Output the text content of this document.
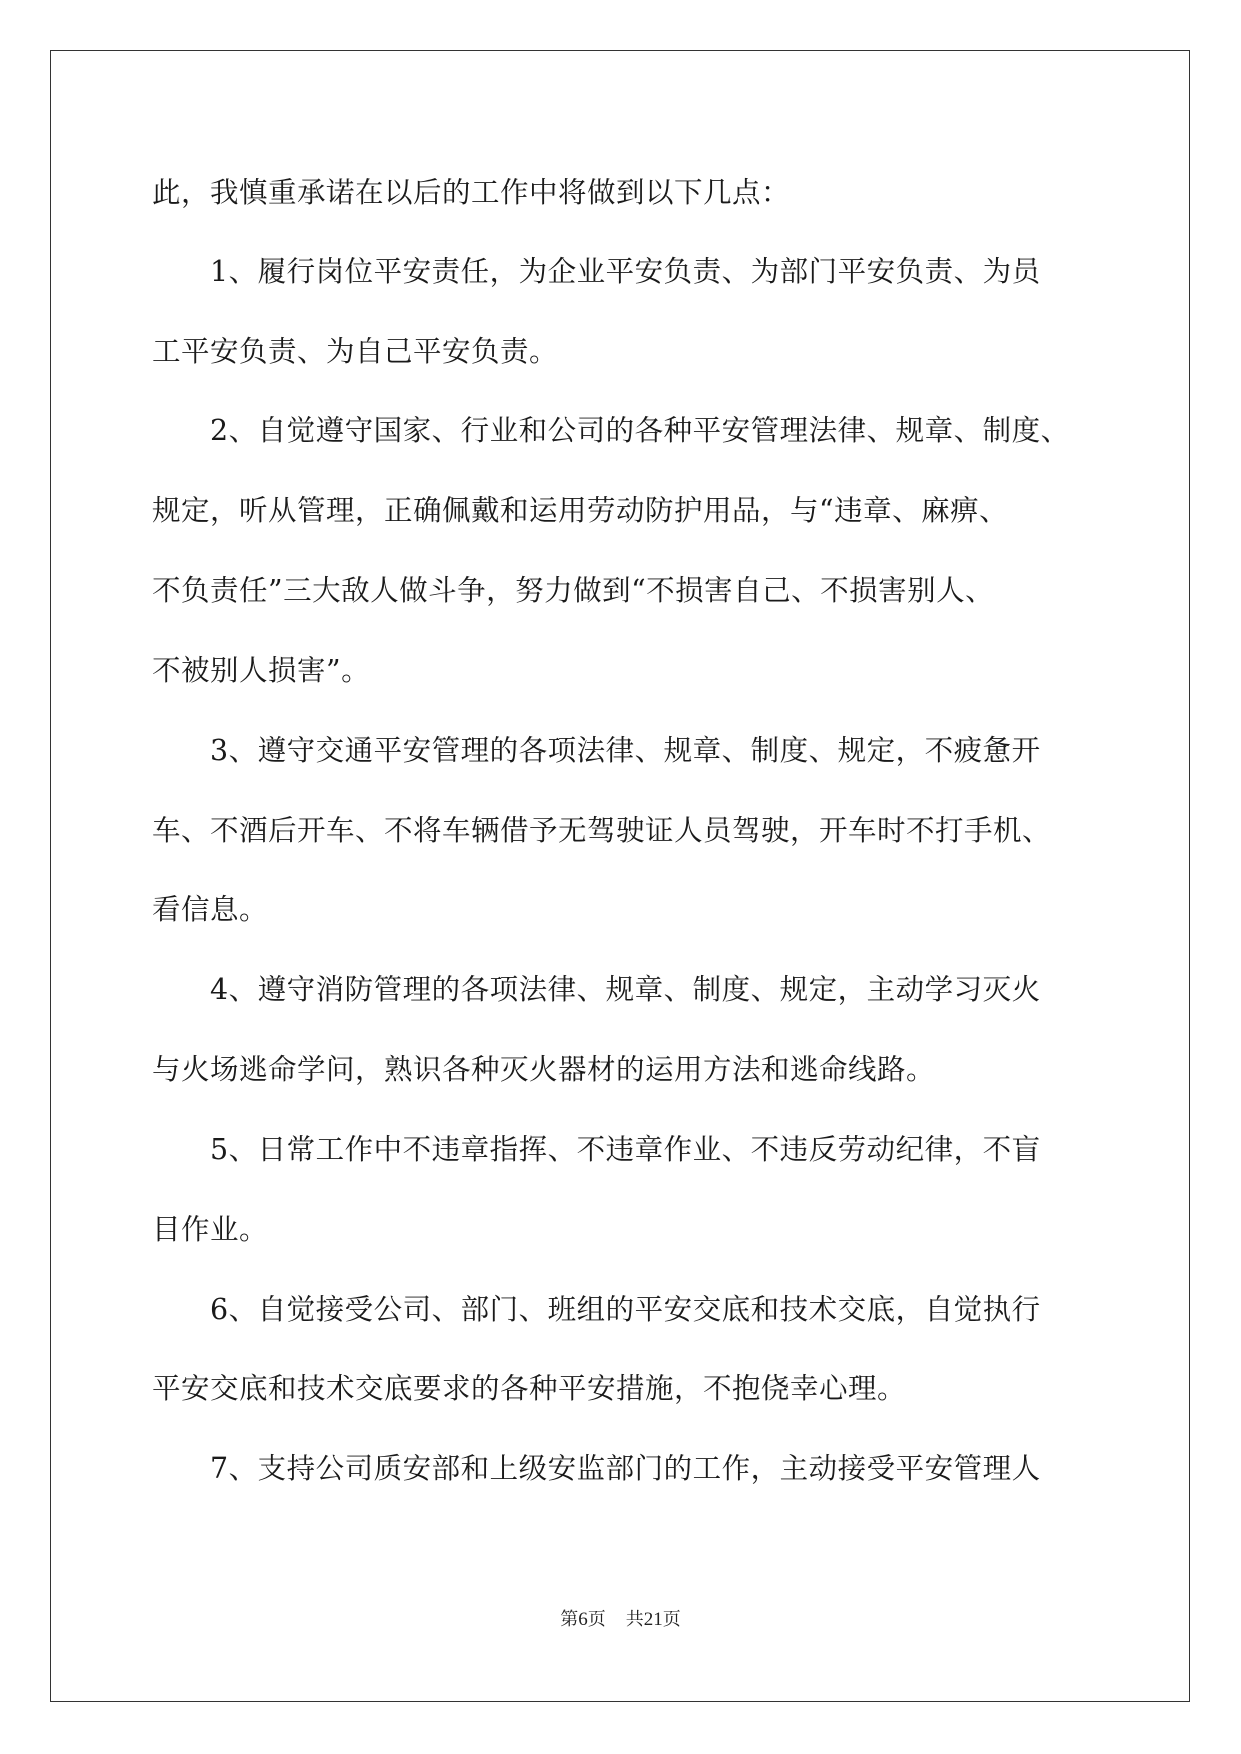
此，我慎重承诺在以后的工作中将做到以下几点：
　　1、履行岗位平安责任，为企业平安负责、为部门平安负责、为员
工平安负责、为自己平安负责。
　　2、自觉遵守国家、行业和公司的各种平安管理法律、规章、制度、
规定，听从管理，正确佩戴和运用劳动防护用品，与“违章、麻痹、
不负责任”三大敌人做斗争，努力做到“不损害自己、不损害别人、
不被别人损害”。
　　3、遵守交通平安管理的各项法律、规章、制度、规定，不疲惫开
车、不酒后开车、不将车辆借予无驾驶证人员驾驶，开车时不打手机、
看信息。
　　4、遵守消防管理的各项法律、规章、制度、规定，主动学习灭火
与火场逃命学问，熟识各种灭火器材的运用方法和逃命线路。
　　5、日常工作中不违章指挥、不违章作业、不违反劳动纪律，不盲
目作业。
　　6、自觉接受公司、部门、班组的平安交底和技术交底，自觉执行
平安交底和技术交底要求的各种平安措施，不抱侥幸心理。
　　7、支持公司质安部和上级安监部门的工作，主动接受平安管理人
第6页 共21页
